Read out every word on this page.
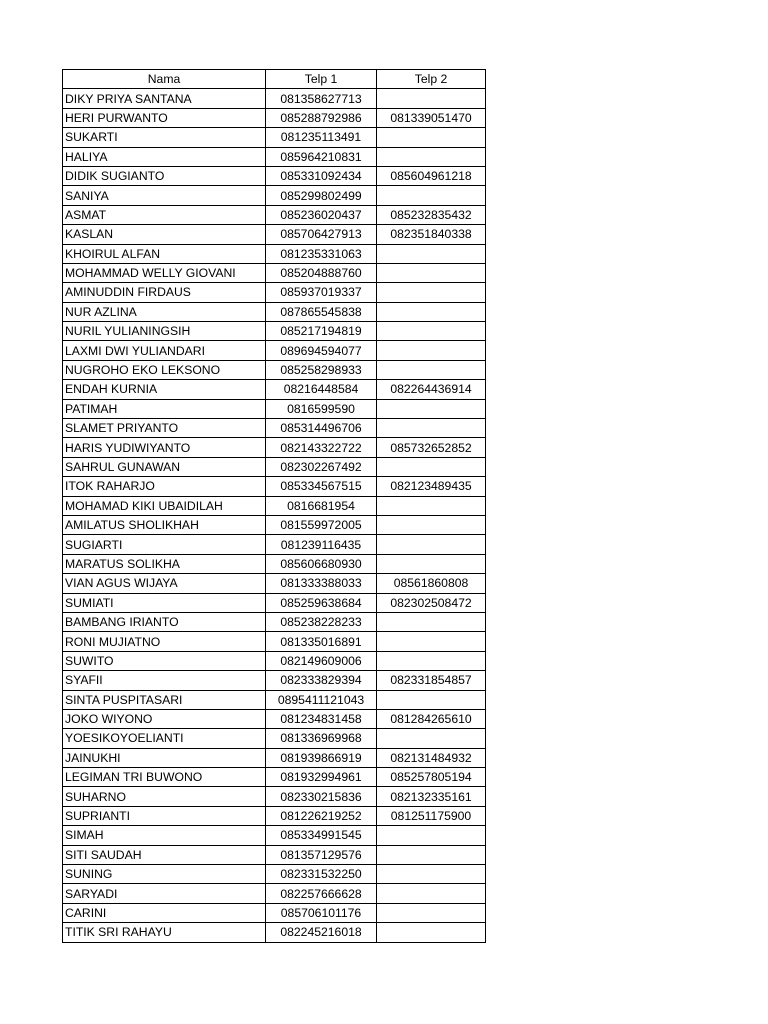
Nama	Telp 1	Telp 2
DIKY PRIYA SANTANA	081358627713	
HERI PURWANTO	085288792986	081339051470
SUKARTI	081235113491	
HALIYA	085964210831	
DIDIK SUGIANTO	085331092434	085604961218
SANIYA	085299802499	
ASMAT	085236020437	085232835432
KASLAN	085706427913	082351840338
KHOIRUL ALFAN	081235331063	
MOHAMMAD WELLY GIOVANI	085204888760	
AMINUDDIN FIRDAUS	085937019337	
NUR AZLINA	087865545838	
NURIL YULIANINGSIH	085217194819	
LAXMI DWI YULIANDARI	089694594077	
NUGROHO EKO LEKSONO	085258298933	
ENDAH KURNIA	08216448584	082264436914
PATIMAH	0816599590	
SLAMET PRIYANTO	085314496706	
HARIS YUDIWIYANTO	082143322722	085732652852
SAHRUL GUNAWAN	082302267492	
ITOK RAHARJO	085334567515	082123489435
MOHAMAD KIKI UBAIDILAH	0816681954	
AMILATUS SHOLIKHAH	081559972005	
SUGIARTI	081239116435	
MARATUS SOLIKHA	085606680930	
VIAN AGUS WIJAYA	081333388033	08561860808
SUMIATI	085259638684	082302508472
BAMBANG IRIANTO	085238228233	
RONI MUJIATNO	081335016891	
SUWITO	082149609006	
SYAFII	082333829394	082331854857
SINTA PUSPITASARI	0895411121043	
JOKO WIYONO	081234831458	081284265610
YOESIKOYOELIANTI	081336969968	
JAINUKHI	081939866919	082131484932
LEGIMAN TRI BUWONO	081932994961	085257805194
SUHARNO	082330215836	082132335161
SUPRIANTI	081226219252	081251175900
SIMAH	085334991545	
SITI SAUDAH	081357129576	
SUNING	082331532250	
SARYADI	082257666628	
CARINI	085706101176	
TITIK SRI RAHAYU	082245216018	
